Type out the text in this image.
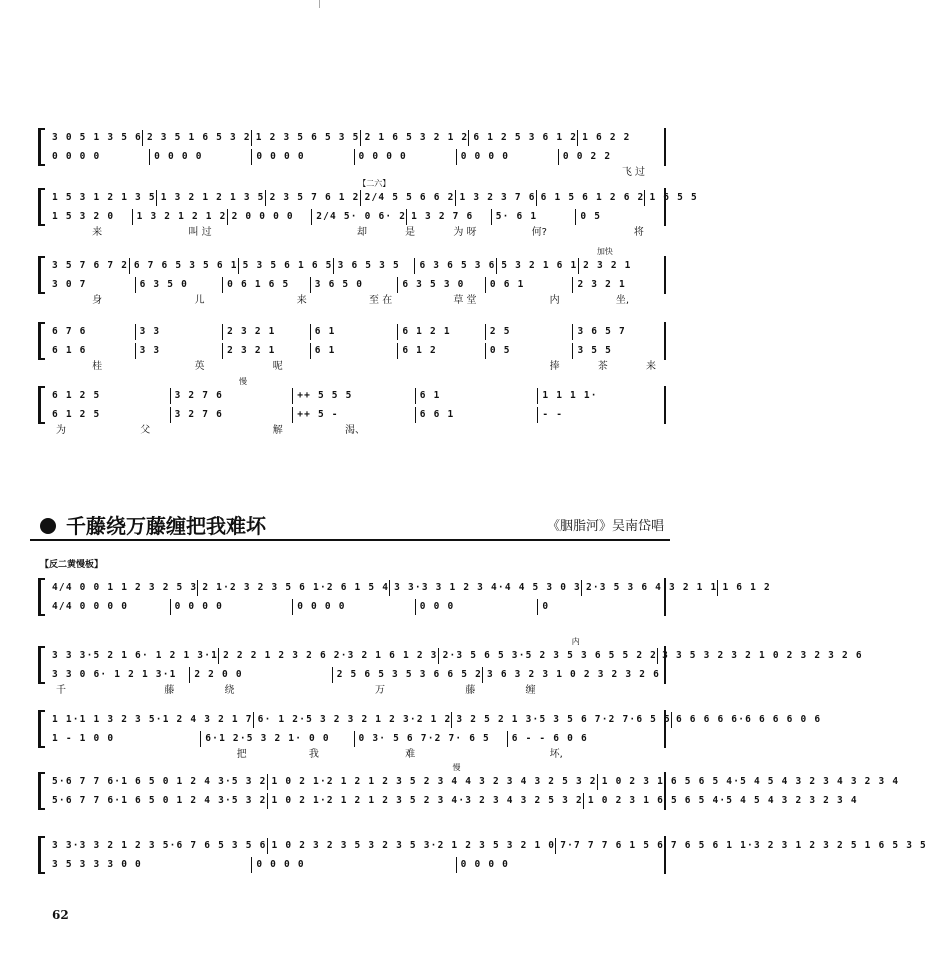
千藤绕万藤缠把我难坏	《胭脂河》吴南岱唱
【反二黄慢板】
62
3 0 5 1 3 5 6 2 3 5 1 6 5 3 2 1 2 3 5 6 5 3 5 2 1 6 5 3 2 1 2 6 1 2 5 3 6 1 2 1 6 2 2
0 0 0 0	0 0 0 0	0 0 0 0	0 0 0 0	0 0 0 0	0 0 2 2
飞 过
1 5 3 1 2 1 3 5 1 3 2 1 2 1 3 5 2 3 5 7 6 1 2 2/4 5 5 6 6 2 1 3 2 3 7 6 6 1 5 6 1 2 6 2 1 6 5 5
1 5 3 2 0	1 3 2 1 2 1 2 2 0 0 0 0	2/4 5· 0 6· 2 1 3 2 7 6	5· 6 1	0 5
来	叫 过	却	是	为 呀	何?	将
【二六】
3 5 7 6 7 2 6 7 6 5 3 5 6 1 5 3 5 6 1 6 5 3 6 5 3 5	6 3 6 5 3 6 5 3 2 1 6 1 2 3 2 1
3 0 7	6 3 5 0	0 6 1 6 5	3 6 5 0	6 3 5 3 0	0 6 1	2 3 2 1
身	儿	来	至 在	草 堂	内	坐,
加快
6 7 6	3 3	2 3 2 1	6 1	6 1 2 1	2 5	3 6 5 7
6 1 6	3 3	2 3 2 1	6 1	6 1 2	0 5	3 5 5
桂	英	呢	捧	茶	来
6 1 2 5	3 2 7 6	++ 5 5 5	6 1	1 1 1 1·
6 1 2 5	3 2 7 6	++ 5 -	6 6 1	- -
为	父	解	渴、
慢
4/4 0 0 1 1 2 3 2 5 3 2 1·2 3 2 3 5 6 1·2 6 1 5 4 3 3·3 3 1 2 3 4·4 4 5 3 0 3 2·3 5 3 6 4 3 2 1 1 1 6 1 2
4/4 0 0 0 0	0 0 0 0	0 0 0 0	0 0 0	0
3 3 3·5 2 1 6· 1 2 1 3·1 2 2 2 1 2 3 2 6 2·3 2 1 6 1 2 3 2·3 5 6 5 3·5 2 3 5 3 6 5 5 2 2 3 3 5 3 2 3 2 1 0 2 3 2 3 2 6
3 3 0 6· 1 2 1 3·1	2 2 0 0	2 5 6 5 3 5 3 6 6 5 2 3 6 3 2 3 1 0 2 3 2 3 2 6
千	藤	绕	万	藤	缠
内
1 1·1 1 3 2 3 5·1 2 4 3 2 1 7 6· 1 2·5 3 2 3 2 1 2 3·2 1 2 3 2 5 2 1 3·5 3 5 6 7·2 7·6 5 5 6 6 6 6 6·6 6 6 6 0 6
1 - 1 0 0	6·1 2·5 3 2 1· 0 0	0 3· 5 6 7·2 7· 6 5	6 - - 6 0 6
把	我	难	坏,
5·6 7 7 6·1 6 5 0 1 2 4 3·5 3 2 1 0 2 1·2 1 2 1 2 3 5 2 3 4 4 3 2 3 4 3 2 5 3 2 1 0 2 3 1 6 5 6 5 4·5 4 5 4 3 2 3 4 3 2 3 4
5·6 7 7 6·1 6 5 0 1 2 4 3·5 3 2 1 0 2 1·2 1 2 1 2 3 5 2 3 4·3 2 3 4 3 2 5 3 2 1 0 2 3 1 6 5 6 5 4·5 4 5 4 3 2 3 2 3 4
慢
3 3·3 3 2 1 2 3 5·6 7 6 5 3 5 6 1 0 2 3 2 3 5 3 2 3 5 3·2 1 2 3 5 3 2 1 0 7·7 7 7 6 1 5 6 7 6 5 6 1 1·3 2 3 1 2 3 2 5 1 6 5 3 5
3 5 3 3 3 0 0	0 0 0 0	0 0 0 0
